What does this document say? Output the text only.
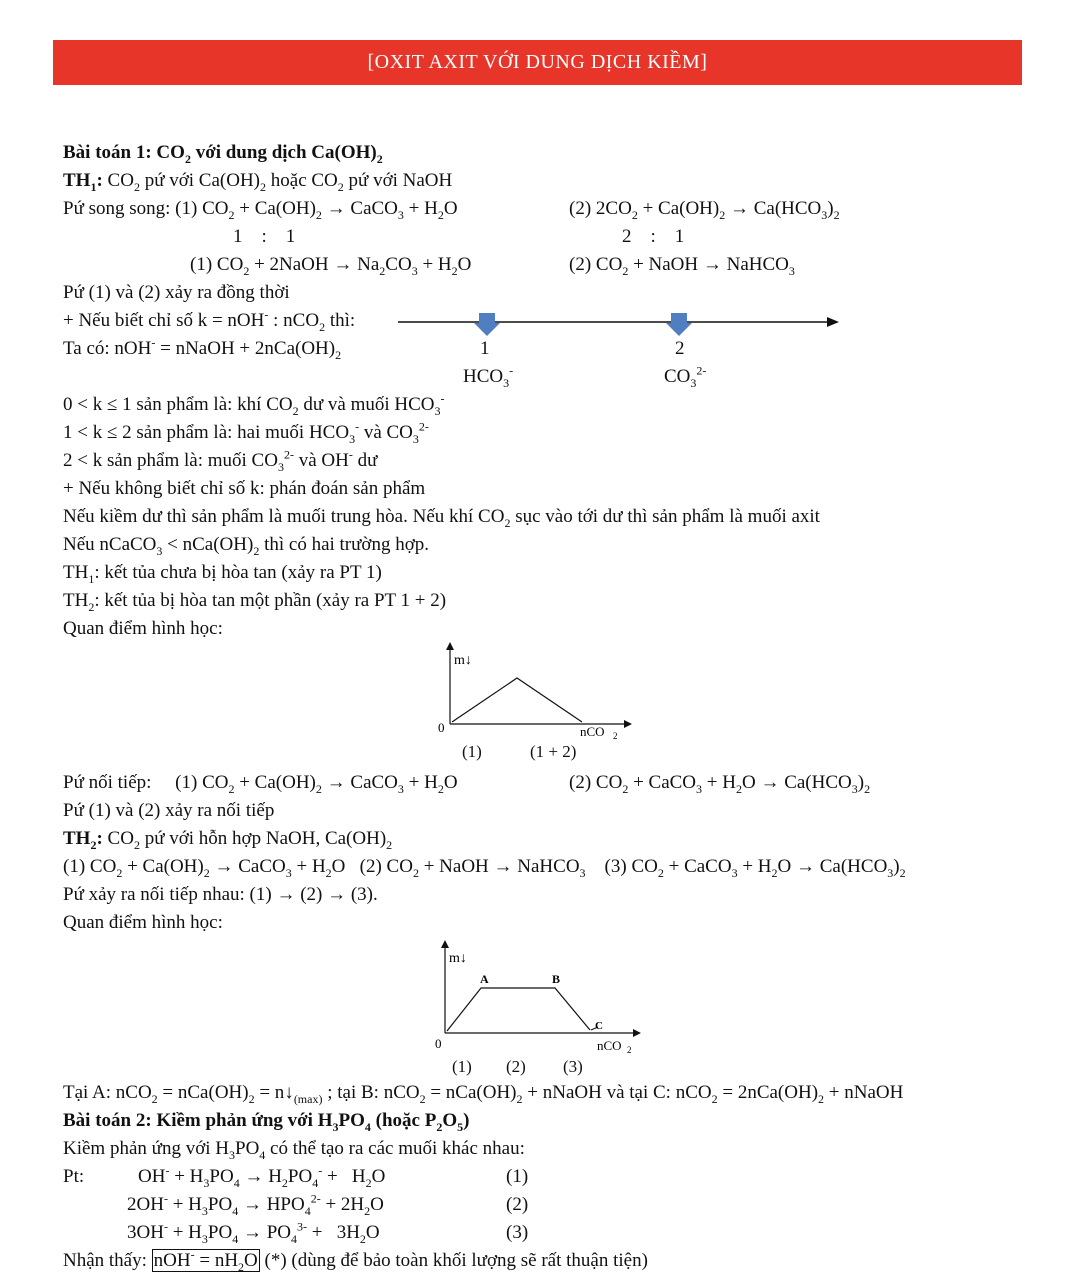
[OXIT AXIT VỚI DUNG DỊCH KIỀM]
Bài toán 1: $CO_2$ với dung dịch $Ca(OH)_2$
$TH_1$: $CO_2$ pứ với $Ca(OH)_2$ hoặc $CO_2$ pứ với NaOH
Pứ song song: (1) $CO_2 + Ca(OH)_2$ → CaCO$_3$ + $H_2O$	(2) $2CO_2 + Ca(OH)_2 \to Ca(HCO_3)_2$
1    :    1	2    :    1
(1) $CO_2$ + 2NaOH → $Na_2CO_3 + H_2O$	(2) $CO_2$ + NaOH → NaHCO$_3$
Pứ (1) và (2) xảy ra đồng thời
+ Nếu biết chỉ số k = nOH- : nCO$_2$ thì:
Ta có: nOH- = nNaOH + $2nCa(OH)_2$	1	2
$HCO_3^-$	$CO_3^{2-}$
0 < k ≤ 1 sản phẩm là: khí $CO_2$ dư và muối $HCO_3^-$
1 < k ≤ 2 sản phẩm là: hai muối $HCO_3^-$ và $CO_3^{2-}$
2 < k sản phẩm là: muối $CO_3^{2-}$ và OH- dư
+ Nếu không biết chỉ số k: phán đoán sản phẩm
Nếu kiềm dư thì sản phẩm là muối trung hòa. Nếu khí $CO_2$ sục vào tới dư thì sản phẩm là muối axit
Nếu nCaCO$_3$ < $nCa(OH)_2$ thì có hai trường hợp.
$TH_1$: kết tủa chưa bị hòa tan (xảy ra PT 1)
$TH_2$: kết tủa bị hòa tan một phần (xảy ra PT 1 + 2)
Quan điểm hình học:
m↓
0	nCO 2
(1)	(1 + 2)
Pứ nối tiếp:     (1) $CO_2 + Ca(OH)_2$ → CaCO$_3$ + $H_2O$	(2) $CO_2$ + CaCO$_3$ + $H_2O \to Ca(HCO_3)_2$
Pứ (1) và (2) xảy ra nối tiếp
$TH_2$: $CO_2$ pứ với hỗn hợp NaOH, $Ca(OH)_2$
(1) $CO_2 + Ca(OH)_2$ → CaCO$_3$ + $H_2O$   (2) $CO_2$ + NaOH → NaHCO$_3$    (3) $CO_2$ + CaCO$_3$ + $H_2O \to Ca(HCO_3)_2$
Pứ xảy ra nối tiếp nhau: (1) → (2) → (3).
Quan điểm hình học:
m↓
A	B
C
0	nCO 2
(1) (2) (3)
Tại A: $nCO_2 = nCa(OH)_2$ = $n↓_{(max)}$ ; tại B: $nCO_2 = nCa(OH)_2$ + nNaOH và tại C: $nCO_2 = 2nCa(OH)_2$ + nNaOH
Bài toán 2: Kiềm phản ứng với $H_3PO_4$ (hoặc $P_2O_5$)
Kiềm phản ứng với $H_3PO_4$ có thể tạo ra các muối khác nhau:
Pt:	$OH^- + H_3PO_4 \to H_2PO_4^- + H_2O$	(1)
$2OH^- + H_3PO_4 \to HPO_4^{2-} + 2H_2O$	(2)
$3OH^- + H_3PO_4 \to PO_4^{3-} + 3H_2O$	(3)
Nhận thấy: $nOH^- = nH_2O$ (*) (dùng để bảo toàn khối lượng sẽ rất thuận tiện)
